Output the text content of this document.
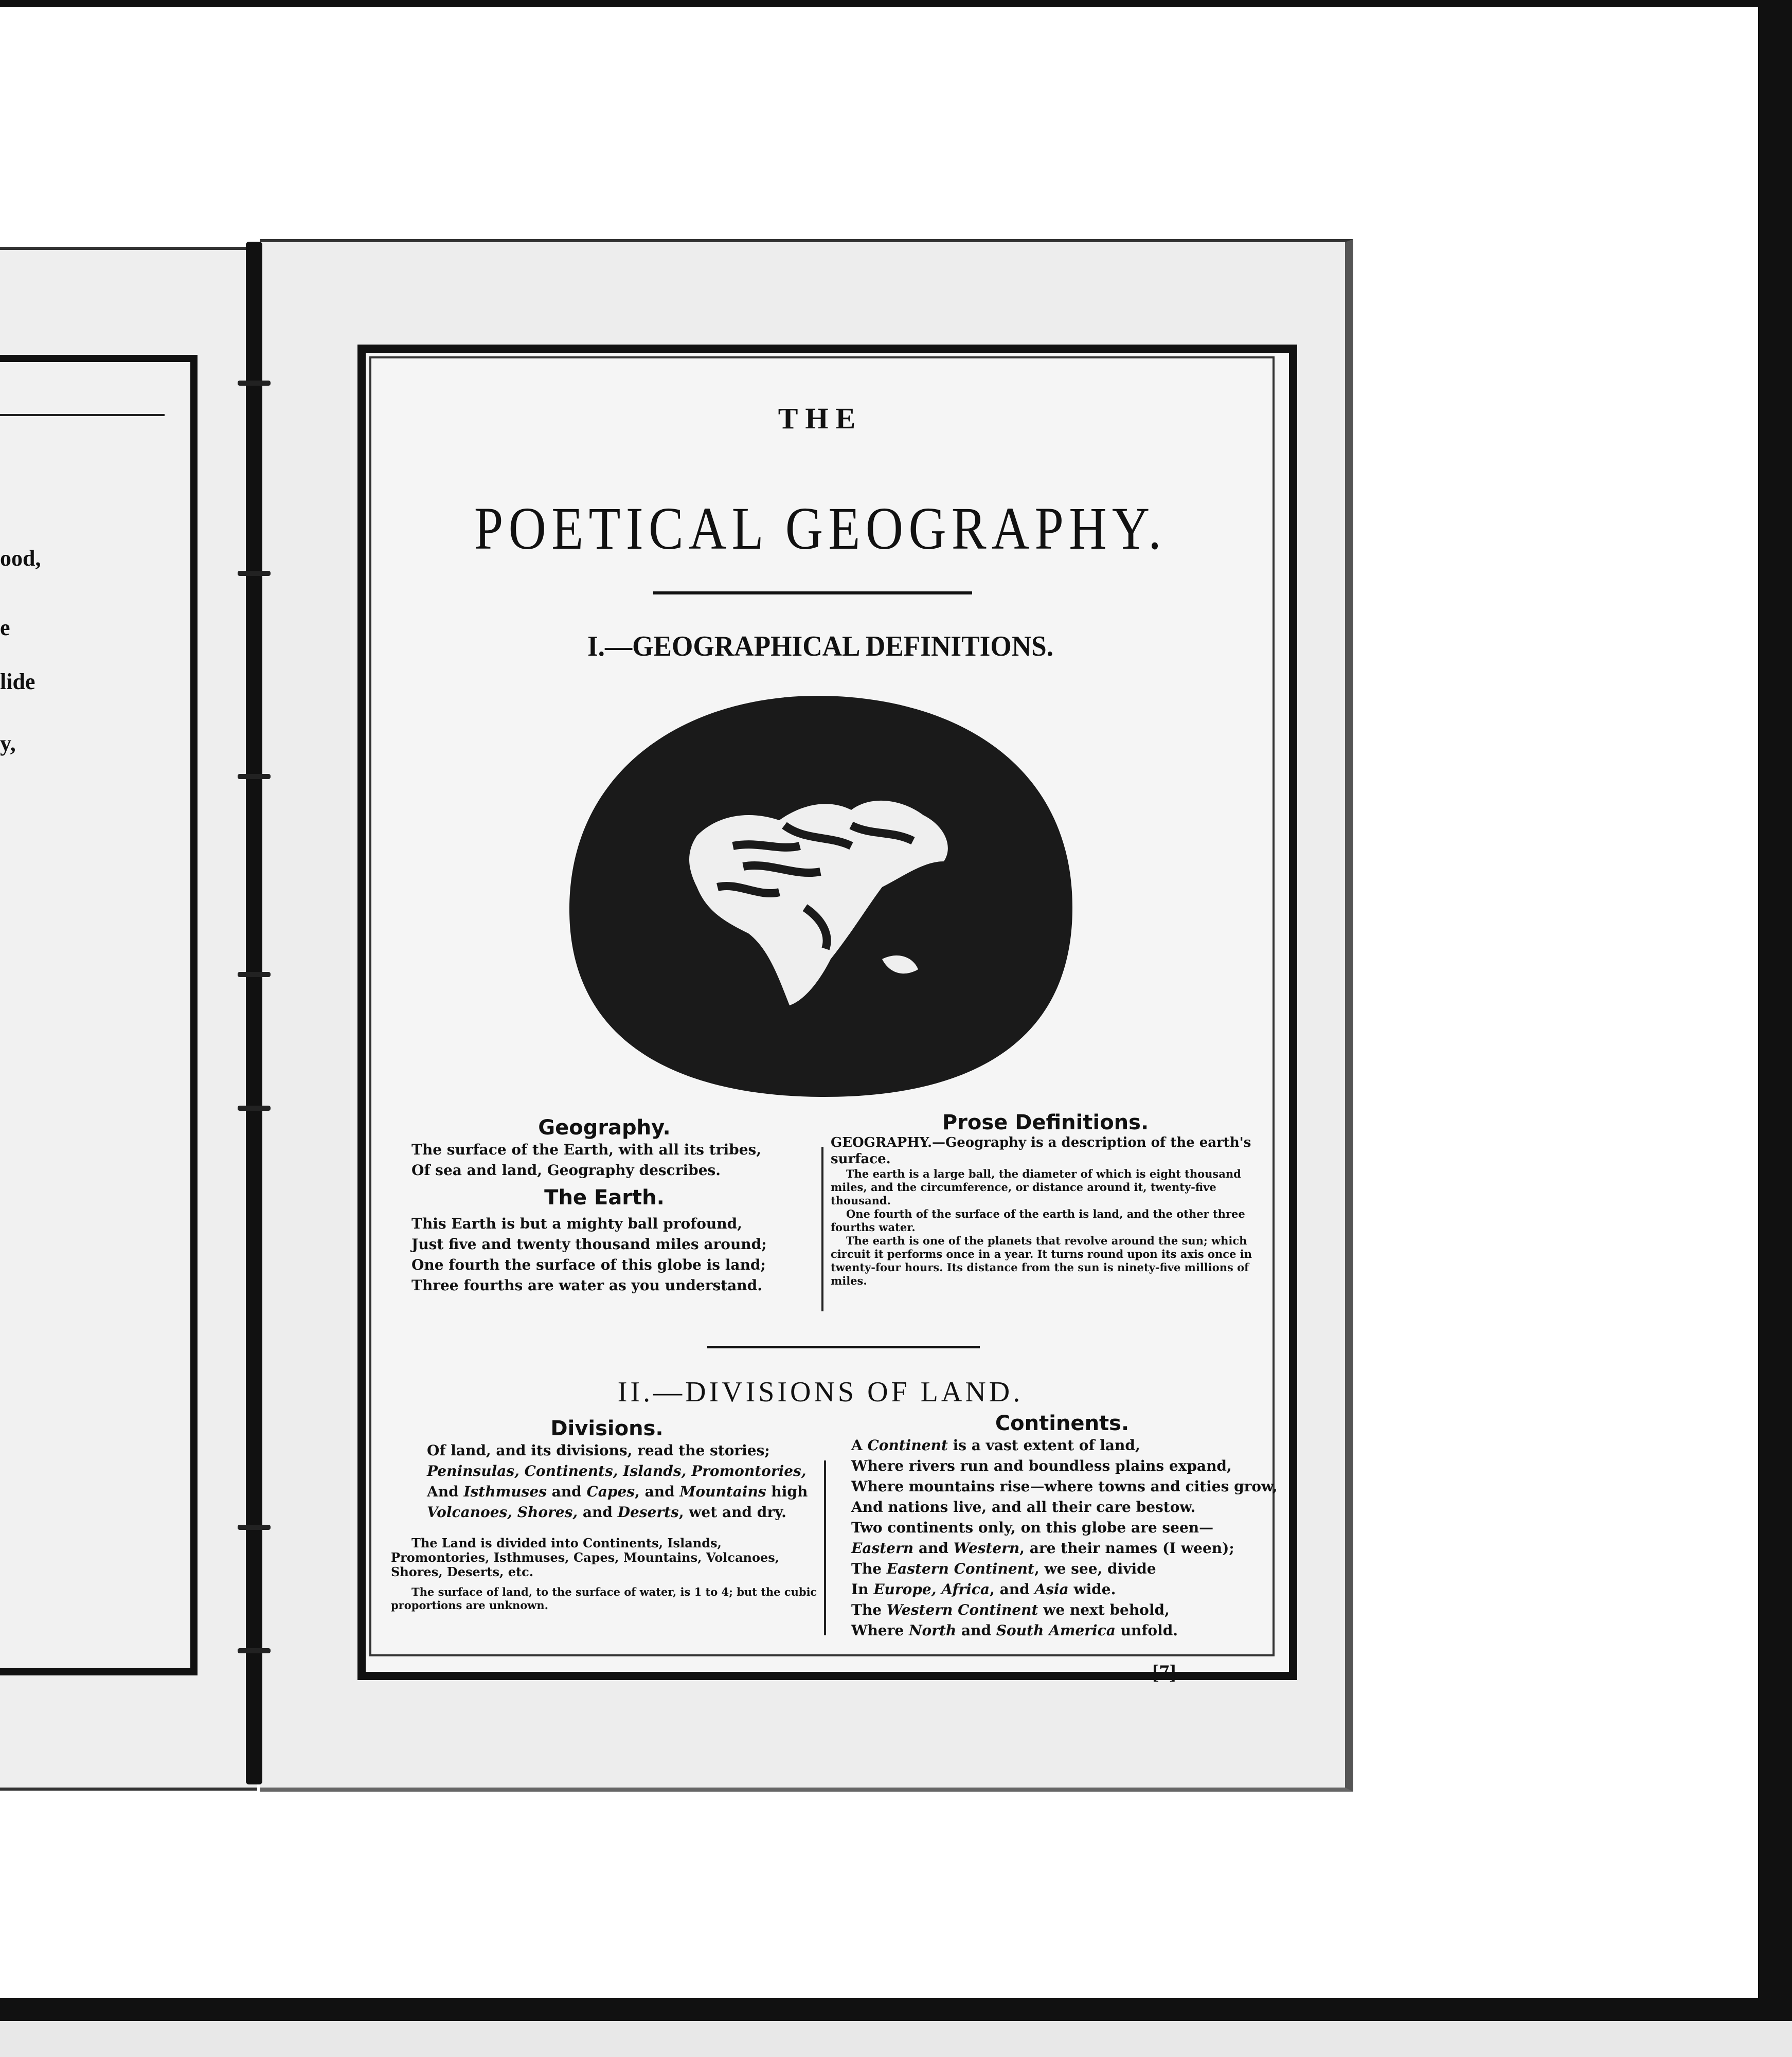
ood,
e
lide
y,
THE
POETICAL GEOGRAPHY.
I.—GEOGRAPHICAL DEFINITIONS.
Geography.
The surface of the Earth, with all its tribes,
Of sea and land, Geography describes.
The Earth.
This Earth is but a mighty ball profound,
Just five and twenty thousand miles around;
One fourth the surface of this globe is land;
Three fourths are water as you understand.
Prose Definitions.
GEOGRAPHY.—Geography is a description of the earth's surface.
The earth is a large ball, the diameter of which is eight thousand miles, and the circumference, or distance around it, twenty-five thousand.
One fourth of the surface of the earth is land, and the other three fourths water.
The earth is one of the planets that revolve around the sun; which circuit it performs once in a year. It turns round upon its axis once in twenty-four hours. Its distance from the sun is ninety-five millions of miles.
II.—DIVISIONS OF LAND.
Divisions.
Of land, and its divisions, read the stories;
Peninsulas, Continents, Islands, Promontories,
And Isthmuses and Capes, and Mountains high
Volcanoes, Shores, and Deserts, wet and dry.
The Land is divided into Continents, Islands, Promontories, Isthmuses, Capes, Mountains, Volcanoes, Shores, Deserts, etc.
The surface of land, to the surface of water, is 1 to 4; but the cubic proportions are unknown.
Continents.
A Continent is a vast extent of land,
Where rivers run and boundless plains expand,
Where mountains rise—where towns and cities grow,
And nations live, and all their care bestow.
Two continents only, on this globe are seen—
Eastern and Western, are their names (I ween);
The Eastern Continent, we see, divide
In Europe, Africa, and Asia wide.
The Western Continent we next behold,
Where North and South America unfold.
[7]
